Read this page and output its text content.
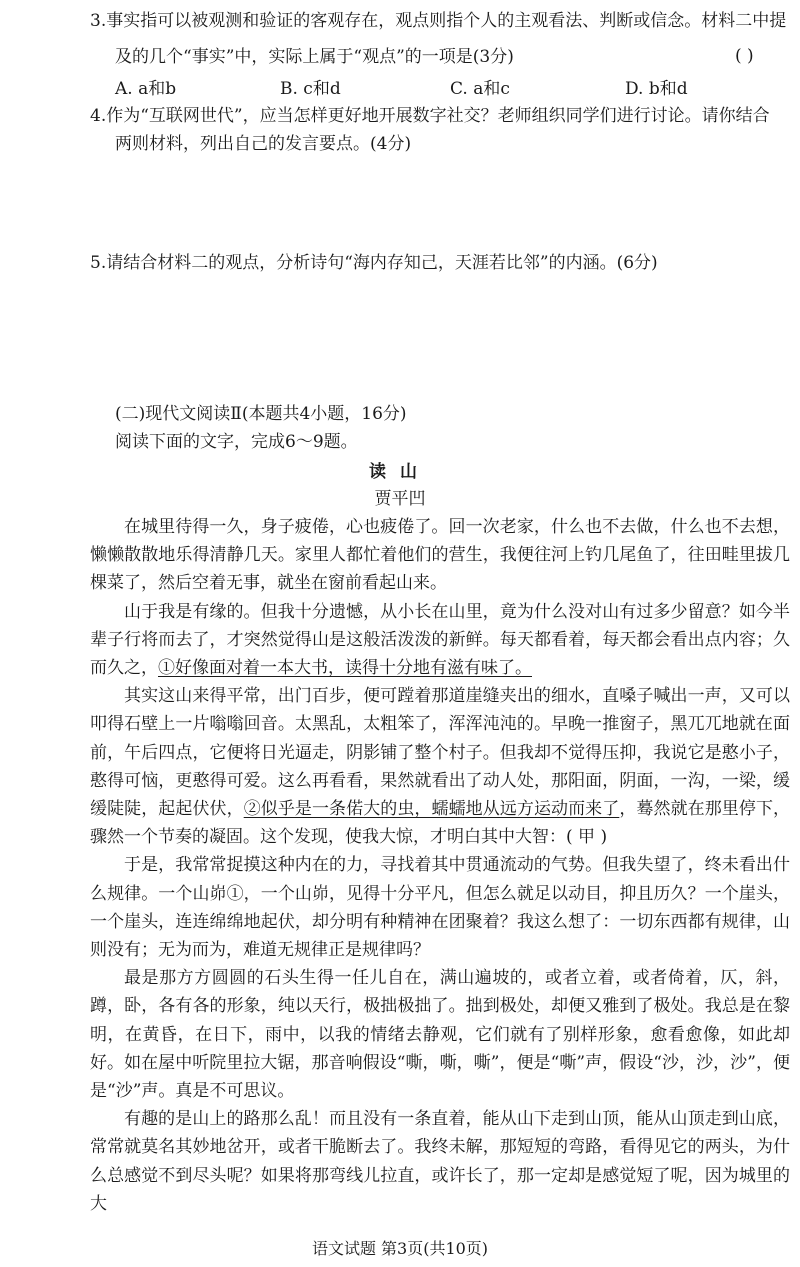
3.事实指可以被观测和验证的客观存在，观点则指个人的主观看法、判断或信念。材料二中提
及的几个“事实”中，实际上属于“观点”的一项是(3分)	( )
A. a和b	B. c和d	C. a和c	D. b和d
4.作为“互联网世代”，应当怎样更好地开展数字社交？老师组织同学们进行讨论。请你结合
两则材料，列出自己的发言要点。(4分)
5.请结合材料二的观点，分析诗句“海内存知己，天涯若比邻”的内涵。(6分)
(二)现代文阅读Ⅱ(本题共4小题，16分)
阅读下面的文字，完成6～9题。
读山
贾平凹

在城里待得一久，身子疲倦，心也疲倦了。回一次老家，什么也不去做，什么也不去想，懒懒散散地乐得清静几天。家里人都忙着他们的营生，我便往河上钓几尾鱼了，往田畦里拔几棵菜了，然后空着无事，就坐在窗前看起山来。

山于我是有缘的。但我十分遗憾，从小长在山里，竟为什么没对山有过多少留意？如今半辈子行将而去了，才突然觉得山是这般活泼泼的新鲜。每天都看着，每天都会看出点内容；久而久之，①好像面对着一本大书，读得十分地有滋有味了。

其实这山来得平常，出门百步，便可蹚着那道崖缝夹出的细水，直嗓子喊出一声，又可以叩得石壁上一片嗡嗡回音。太黑乱，太粗笨了，浑浑沌沌的。早晚一推窗子，黑兀兀地就在面前，午后四点，它便将日光逼走，阴影铺了整个村子。但我却不觉得压抑，我说它是憨小子，憨得可恼，更憨得可爱。这么再看看，果然就看出了动人处，那阳面，阴面，一沟，一梁，缓缓陡陡，起起伏伏，②似乎是一条偌大的虫，蠕蠕地从远方运动而来了，蓦然就在那里停下，骤然一个节奏的凝固。这个发现，使我大惊，才明白其中大智：( 甲 )

于是，我常常捉摸这种内在的力，寻找着其中贯通流动的气势。但我失望了，终未看出什么规律。一个山峁①，一个山峁，见得十分平凡，但怎么就足以动目，抑且历久？一个崖头，一个崖头，连连绵绵地起伏，却分明有种精神在团聚着？我这么想了：一切东西都有规律，山则没有；无为而为，难道无规律正是规律吗？

最是那方方圆圆的石头生得一任儿自在，满山遍坡的，或者立着，或者倚着，仄，斜，蹲，卧，各有各的形象，纯以天行，极拙极拙了。拙到极处，却便又雅到了极处。我总是在黎明，在黄昏，在日下，雨中，以我的情绪去静观，它们就有了别样形象，愈看愈像，如此却好。如在屋中听院里拉大锯，那音响假设“嘶，嘶，嘶”，便是“嘶”声，假设“沙，沙，沙”，便是“沙”声。真是不可思议。

有趣的是山上的路那么乱！而且没有一条直着，能从山下走到山顶，能从山顶走到山底，常常就莫名其妙地岔开，或者干脆断去了。我终未解，那短短的弯路，看得见它的两头，为什么总感觉不到尽头呢？如果将那弯线儿拉直，或许长了，那一定却是感觉短了呢，因为城里的大

语文试题 第3页(共10页)
